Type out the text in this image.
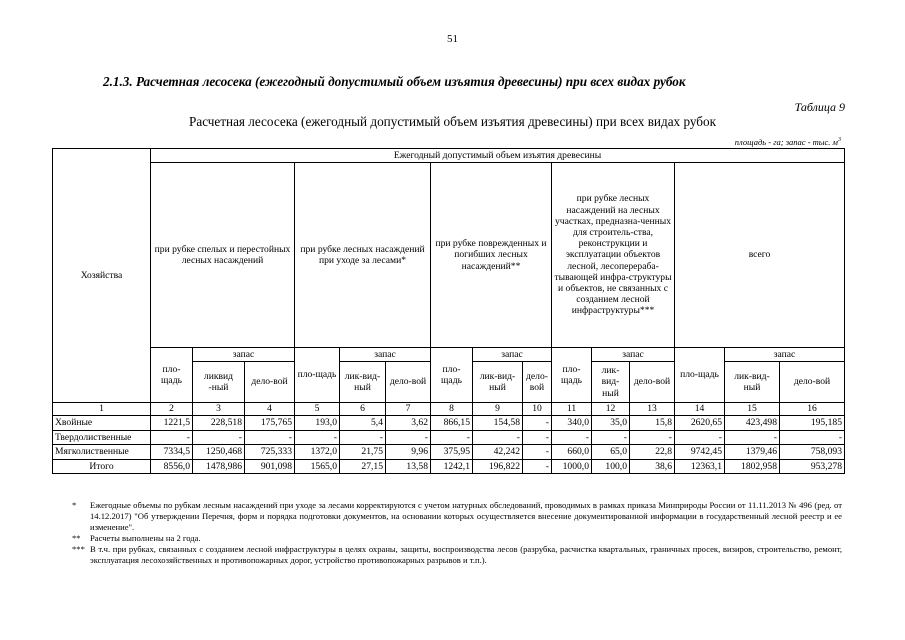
51
2.1.3. Расчетная лесосека (ежегодный допустимый объем изъятия древесины) при всех видах рубок
Таблица 9
Расчетная лесосека (ежегодный допустимый объем изъятия древесины) при всех видах рубок
площадь - га; запас - тыс. $м^3$
Хозяйства	Ежегодный допустимый объем изъятия древесины														
	при рубке спелых и перестойных лесных насаждений			при рубке лесных насаждений при уходе за лесами*			при рубке поврежденных и погибших лесных насаждений**			при рубке лесных насаждений на лесных участках, предназна-ченных для строитель-ства, реконструкции и эксплуатации объектов лесной, лесоперераба-тывающей инфра-структуры и объектов, не связанных с созданием лесной инфраструктуры***			всего		
	пло-щадь	запас		пло-щадь	запас		пло-щадь	запас		пло-щадь	запас		пло-щадь	запас	
		ликвид -ный	дело-вой		лик-вид-ный	дело-вой		лик-вид-ный	дело-вой		лик-вид-ный	дело-вой		лик-вид-ный	дело-вой
1	2	3	4	5	6	7	8	9	10	11	12	13	14	15	16
Хвойные	1221,5	228,518	175,765	193,0	5,4	3,62	866,15	154,58	-	340,0	35,0	15,8	2620,65	423,498	195,185
Твердолиственные	-	-	-	-	-	-	-	-	-	-	-	-	-	-	-
Мягколиственные	7334,5	1250,468	725,333	1372,0	21,75	9,96	375,95	42,242	-	660,0	65,0	22,8	9742,45	1379,46	758,093
Итого	8556,0	1478,986	901,098	1565,0	27,15	13,58	1242,1	196,822	-	1000,0	100,0	38,6	12363,1	1802,958	953,278
* Ежегодные объемы по рубкам лесным насаждений при уходе за лесами корректируются с учетом натурных обследований, проводимых в рамках приказа Минприроды России от 11.11.2013 № 496 (ред. от 14.12.2017) "Об утверждении Перечня, форм и порядка подготовки документов, на основании которых осуществляется внесение документированной информации в государственный лесной реестр и ее изменение".
** Расчеты выполнены на 2 года.
*** В т.ч. при рубках, связанных с созданием лесной инфраструктуры в целях охраны, защиты, воспроизводства лесов (разрубка, расчистка квартальных, граничных просек, визиров, строительство, ремонт, эксплуатация лесохозяйственных и противопожарных дорог, устройство противопожарных разрывов и т.п.).
